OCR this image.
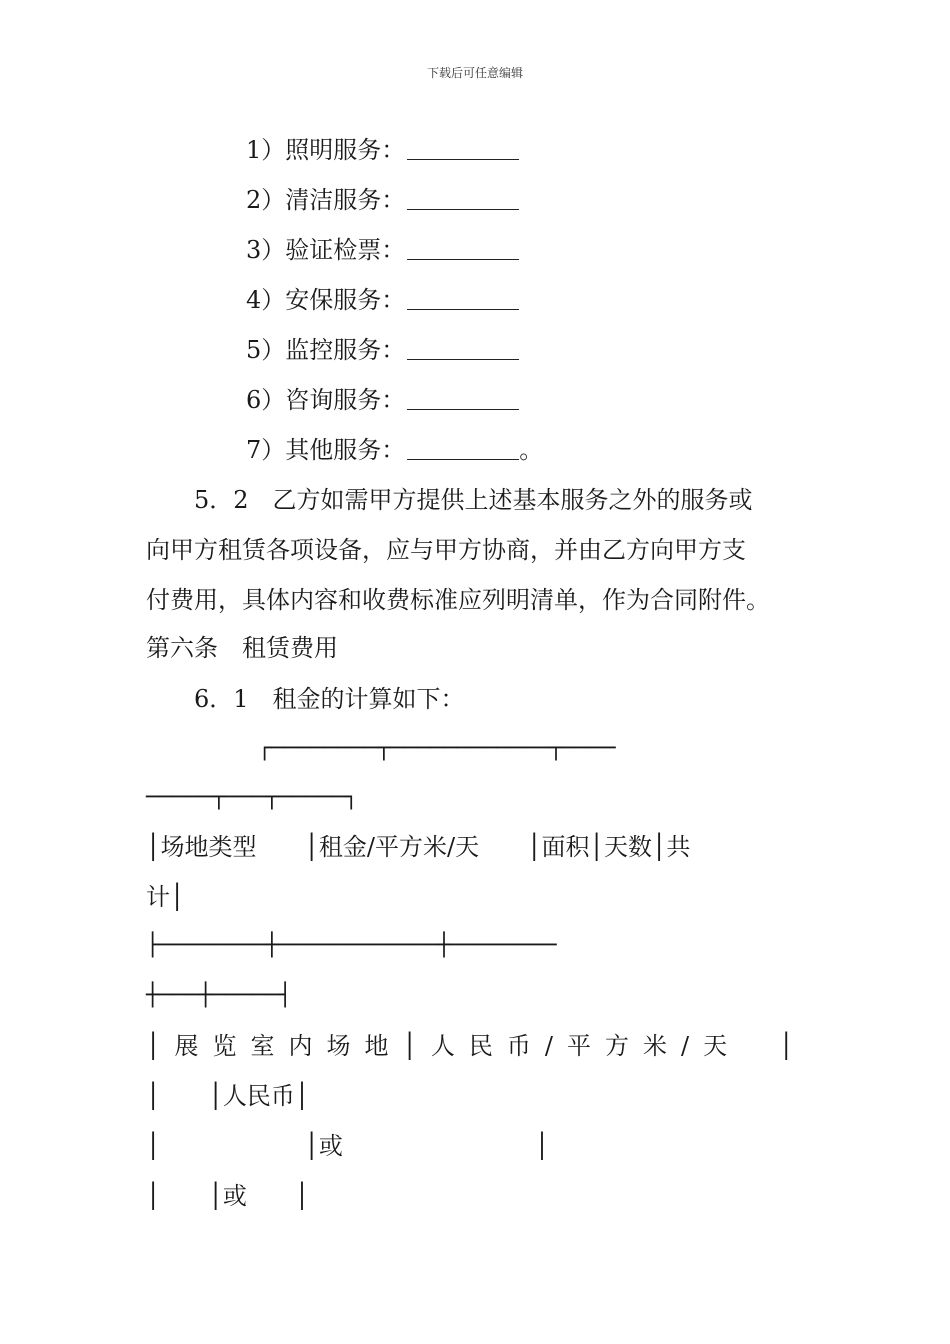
下载后可任意编辑
1）照明服务：
2）清洁服务：
3）验证检票：
4）安保服务：
5）监控服务：
6）咨询服务：
7）其他服务：	。
5．2　乙方如需甲方提供上述基本服务之外的服务或
向甲方租赁各项设备，应与甲方协商，并由乙方向甲方支
付费用，具体内容和收费标准应列明清单，作为合同附件。
第六条　租赁费用
6．1　租金的计算如下：
┌────────┬────────────┬────
─────┬───┬─────┐
│场地类型　　│租金/平方米/天　　│面积│天数│共
计│
├────────┼────────────┼────────
┼───┼─────┤
│展览室内场地│人民币/平方米/天　│
│　　│人民币│
│　　　　　　│或　　　　　　　　│
│　　│或　　│
